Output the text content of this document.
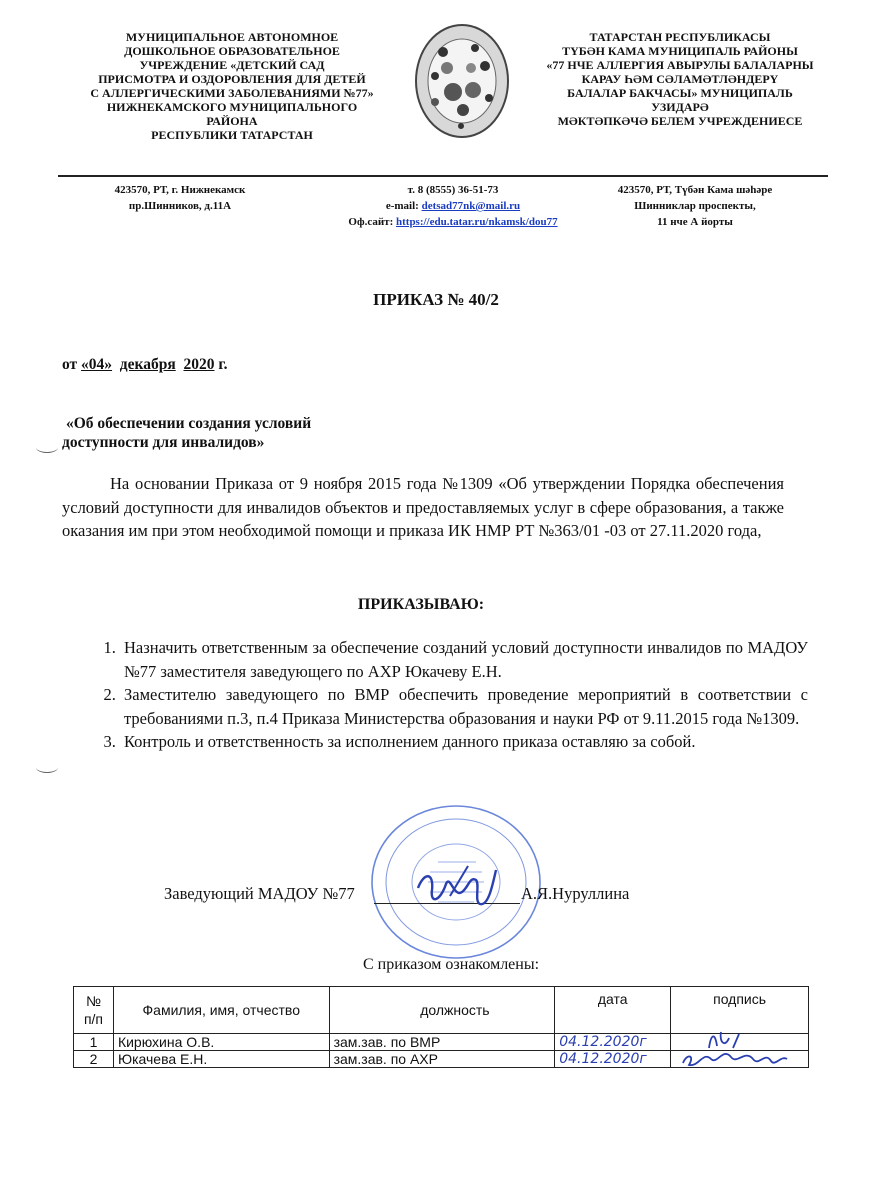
МУНИЦИПАЛЬНОЕ АВТОНОМНОЕ
ДОШКОЛЬНОЕ ОБРАЗОВАТЕЛЬНОЕ
УЧРЕЖДЕНИЕ «ДЕТСКИЙ САД
ПРИСМОТРА И ОЗДОРОВЛЕНИЯ ДЛЯ ДЕТЕЙ
С АЛЛЕРГИЧЕСКИМИ ЗАБОЛЕВАНИЯМИ №77»
НИЖНЕКАМСКОГО МУНИЦИПАЛЬНОГО
РАЙОНА
РЕСПУБЛИКИ ТАТАРСТАН
ТАТАРСТАН РЕСПУБЛИКАСЫ
ТҮБӘН КАМА МУНИЦИПАЛЬ РАЙОНЫ
«77 НЧЕ АЛЛЕРГИЯ АВЫРУЛЫ БАЛАЛАРНЫ
КАРАУ ҺӘМ СӘЛАМӘТЛӘНДЕРҮ
БАЛАЛАР БАКЧАСЫ» МУНИЦИПАЛЬ
УЗИДАРӘ
МӘКТӘПКӘЧӘ БЕЛЕМ УЧРЕЖДЕНИЕСЕ
423570, РТ, г. Нижнекамск
пр.Шинников, д.11А
т. 8 (8555) 36-51-73
e-mail: detsad77nk@mail.ru
Оф.сайт: https://edu.tatar.ru/nkamsk/dou77
423570, РТ, Түбән Кама шәһәре
Шинниклар проспекты,
11 нче А йорты
ПРИКАЗ № 40/2
от «04» декабря 2020 г.
«Об обеспечении создания условий
доступности для инвалидов»
На основании Приказа от 9 ноября 2015 года №1309 «Об утверждении Порядка обеспечения условий доступности для инвалидов объектов и предоставляемых услуг в сфере образования, а также оказания им при этом необходимой помощи и приказа ИК НМР РТ №363/01 -03 от 27.11.2020 года,
ПРИКАЗЫВАЮ:
1. Назначить ответственным за обеспечение созданий условий доступности инвалидов по МАДОУ №77 заместителя заведующего по АХР Юкачеву Е.Н.
2. Заместителю заведующего по ВМР обеспечить проведение мероприятий в соответствии с требованиями п.3, п.4 Приказа Министерства образования и науки РФ от 9.11.2015 года №1309.
3. Контроль и ответственность за исполнением данного приказа оставляю за собой.
Заведующий МАДОУ №77	А.Я.Нуруллина
С приказом ознакомлены:
№
п/п	Фамилия, имя, отчество	должность	дата	подпись
1	Кирюхина О.В.	зам.зав. по ВМР	04.12.2020г

2	Юкачева Е.Н.	зам.зав. по АХР	04.12.2020г
